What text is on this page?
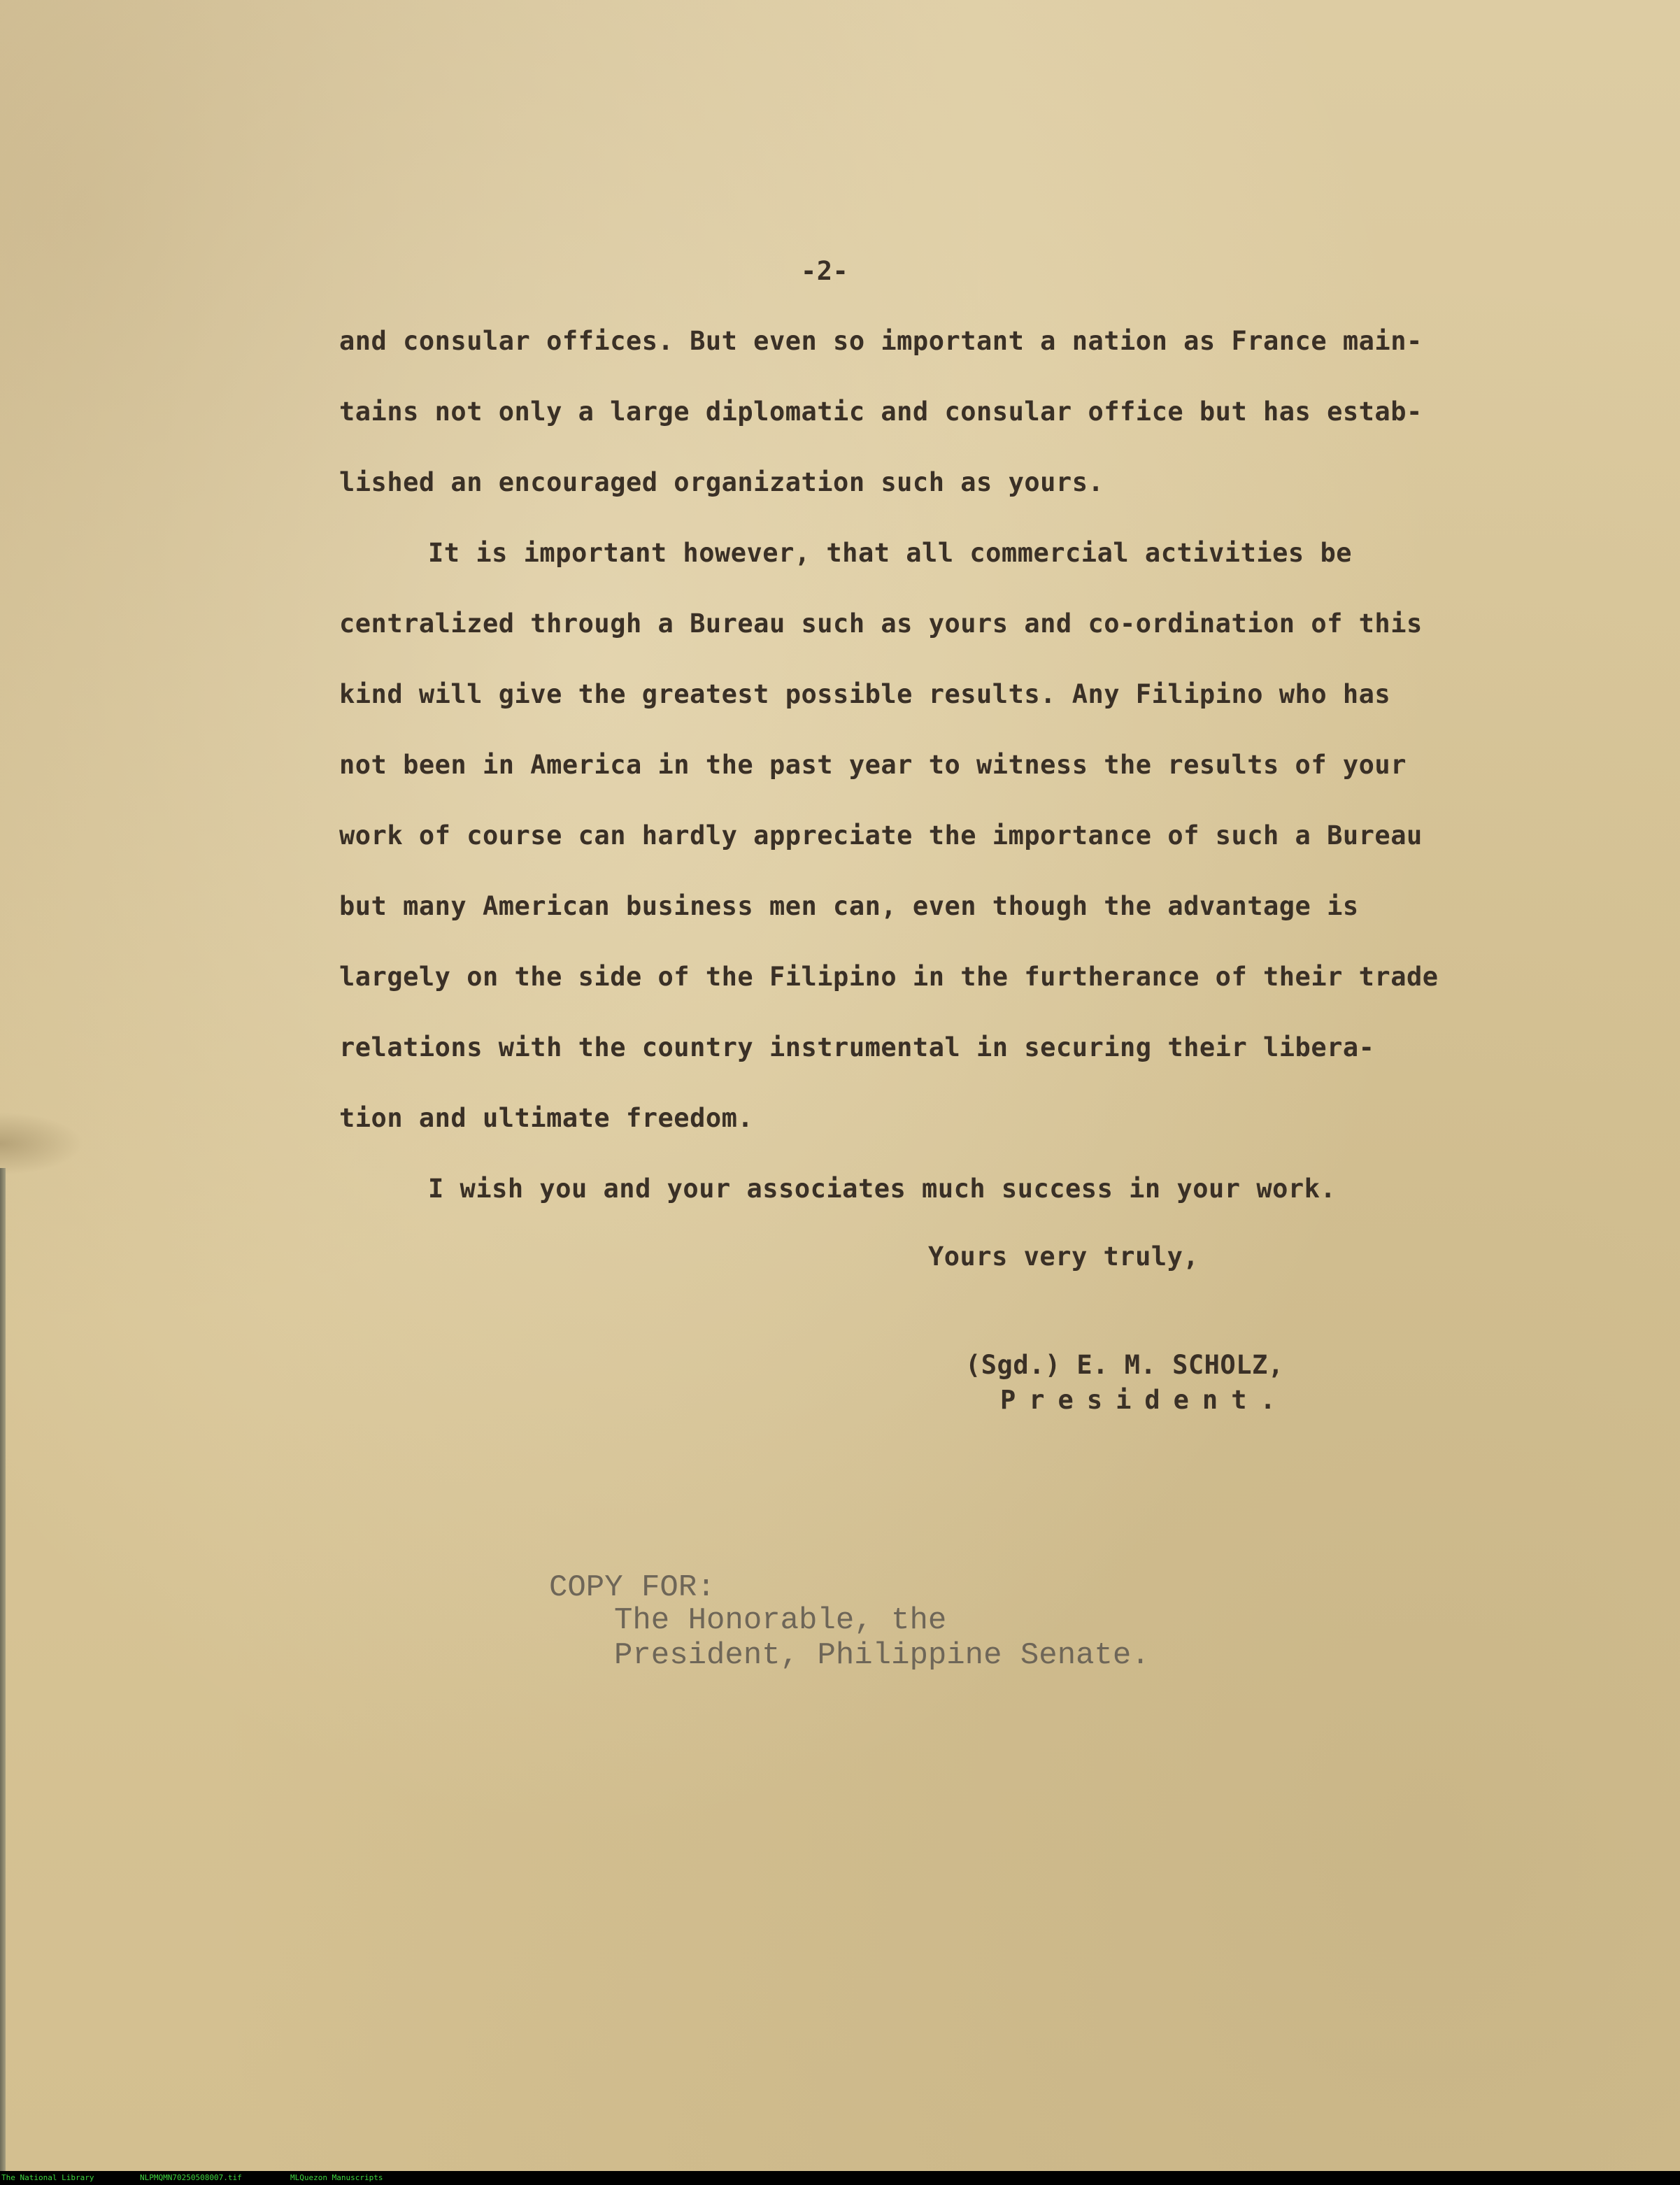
-2-

and consular offices. But even so important a nation as France main-

tains not only a large diplomatic and consular office but has estab-

lished an encouraged organization such as yours.

It is important however, that all commercial activities be

centralized through a Bureau such as yours and co-ordination of this

kind will give the greatest possible results. Any Filipino who has

not been in America in the past year to witness the results of your

work of course can hardly appreciate the importance of such a Bureau

but many American business men can, even though the advantage is

largely on the side of the Filipino in the furtherance of their trade

relations with the country instrumental in securing their libera-

tion and ultimate freedom.

I wish you and your associates much success in your work.

Yours very truly,

(Sgd.) E. M. SCHOLZ,

President.

COPY FOR:

The Honorable, the

President, Philippine Senate.

The National Library	NLPMQMN70250508007.tif	MLQuezon Manuscripts
